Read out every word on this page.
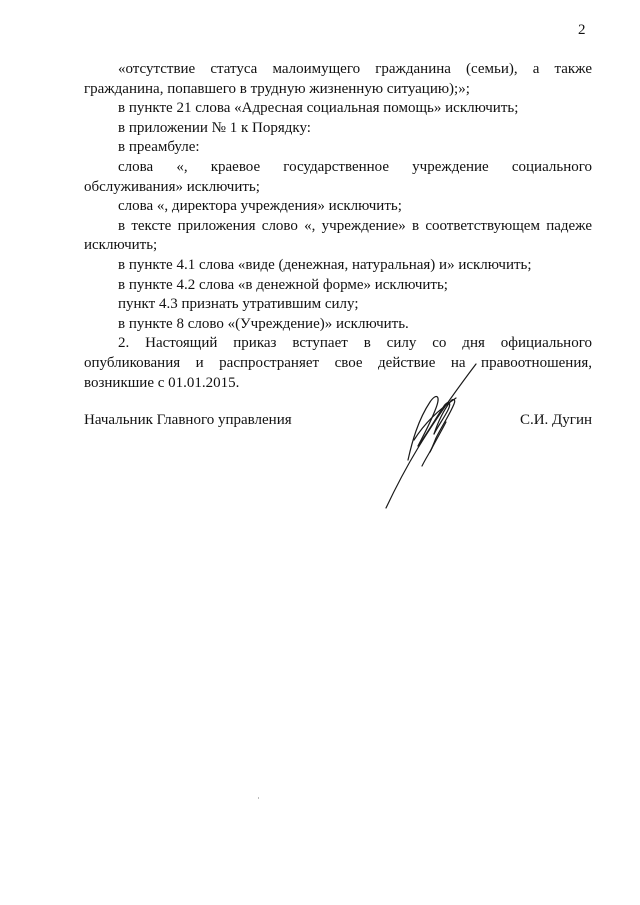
2

«отсутствие статуса малоимущего гражданина (семьи), а также гражданина, попавшего в трудную жизненную ситуацию);»;

в пункте 21 слова «Адресная социальная помощь» исключить;

в приложении № 1 к Порядку:

в преамбуле:

слова «, краевое государственное учреждение социального обслуживания» исключить;

слова «, директора учреждения» исключить;

в тексте приложения слово «, учреждение» в соответствующем падеже исключить;

в пункте 4.1 слова «виде (денежная, натуральная) и» исключить;

в пункте 4.2 слова «в денежной форме» исключить;

пункт 4.3 признать утратившим силу;

в пункте 8 слово «(Учреждение)» исключить.

2. Настоящий приказ вступает в силу со дня официального опубликования и распространяет свое действие на правоотношения, возникшие с 01.01.2015.

Начальник Главного управления	С.И. Дугин
